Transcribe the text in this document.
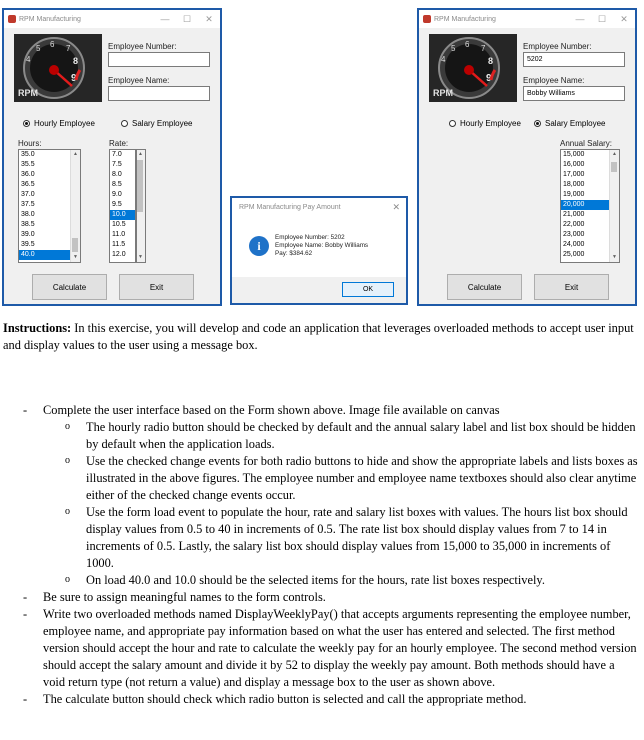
RPM Manufacturing	—	☐	✕
4
5 6 7
8
9
RPM
Employee Number:
Employee Name:
Hourly Employee	Salary Employee
Hours:	Rate:
35.0
35.5
36.0
36.5
37.0
37.5
38.0
38.5
39.0
39.5
40.0
▲
▼
7.0
7.5
8.0
8.5
9.0
9.5
10.0
10.5
11.0
11.5
12.0
▲
▼
Calculate	Exit
RPM Manufacturing Pay Amount	✕
i
Employee Number: 5202
Employee Name: Bobby Williams
Pay: $384.62
OK
RPM Manufacturing	—	☐	✕
4
5 6 7
8
9
RPM
Employee Number:
5202
Employee Name:
Bobby Williams
Hourly Employee	Salary Employee
Annual Salary:
15,000
16,000
17,000
18,000
19,000
20,000
21,000
22,000
23,000
24,000
25,000
▲
▼
Calculate	Exit

Instructions: In this exercise, you will develop and code an application that leverages overloaded methods to accept user input and display values to the user using a message box.

- Complete the user interface based on the Form shown above. Image file available on canvas
o The hourly radio button should be checked by default and the annual salary label and list box should be hidden by default when the application loads.
o Use the checked change events for both radio buttons to hide and show the appropriate labels and lists boxes as illustrated in the above figures. The employee number and employee name textboxes should also clear anytime either of the checked change events occur.
o Use the form load event to populate the hour, rate and salary list boxes with values. The hours list box should display values from 0.5 to 40 in increments of 0.5. The rate list box should display values from 7 to 14 in increments of 0.5. Lastly, the salary list box should display values from 15,000 to 35,000 in increments of 1000.
o On load 40.0 and 10.0 should be the selected items for the hours, rate list boxes respectively.
- Be sure to assign meaningful names to the form controls.
- Write two overloaded methods named DisplayWeeklyPay() that accepts arguments representing the employee number, employee name, and appropriate pay information based on what the user has entered and selected. The first method version should accept the hour and rate to calculate the weekly pay for an hourly employee. The second method version should accept the salary amount and divide it by 52 to display the weekly pay amount. Both methods should have a void return type (not return a value) and display a message box to the user as shown above.
- The calculate button should check which radio button is selected and call the appropriate method.
